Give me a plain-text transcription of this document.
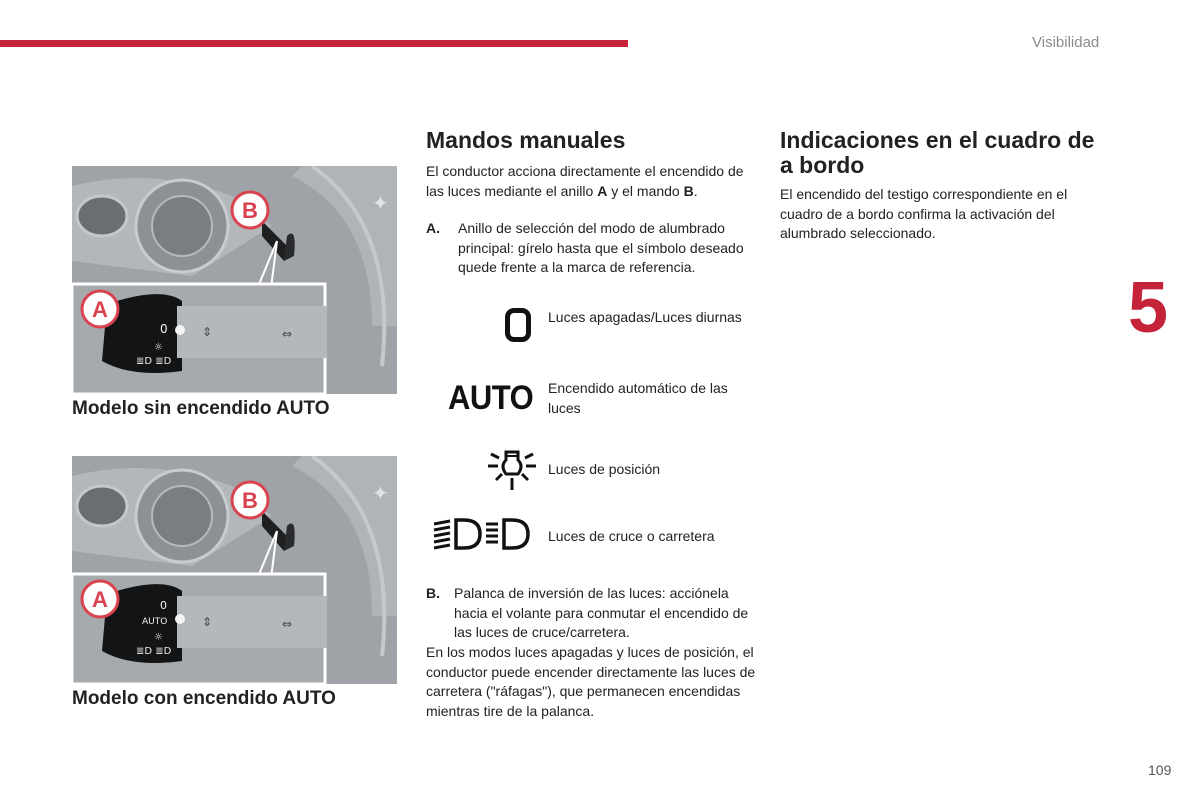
Visibilidad
5
109
✦
0
☼
≣D ≣D
⇕	⇔
A
B
Modelo sin encendido AUTO
✦
0
AUTO
☼
≣D ≣D
⇕	⇔
A
B
Modelo con encendido AUTO
Mandos manuales

El conductor acciona directamente el encendido de las luces mediante el anillo A y el mando B.

A.	Anillo de selección del modo de alumbrado principal: gírelo hasta que el símbolo deseado quede frente a la marca de referencia.

Luces apagadas/Luces diurnas
AUTO Encendido automático de las luces
Luces de posición
Luces de cruce o carretera

B.	Palanca de inversión de las luces: acciónela hacia el volante para conmutar el encendido de las luces de cruce/carretera.

En los modos luces apagadas y luces de posición, el conductor puede encender directamente las luces de carretera ("ráfagas"), que permanecen encendidas mientras tire de la palanca.

Indicaciones en el cuadro de a bordo

El encendido del testigo correspondiente en el cuadro de a bordo confirma la activación del alumbrado seleccionado.
